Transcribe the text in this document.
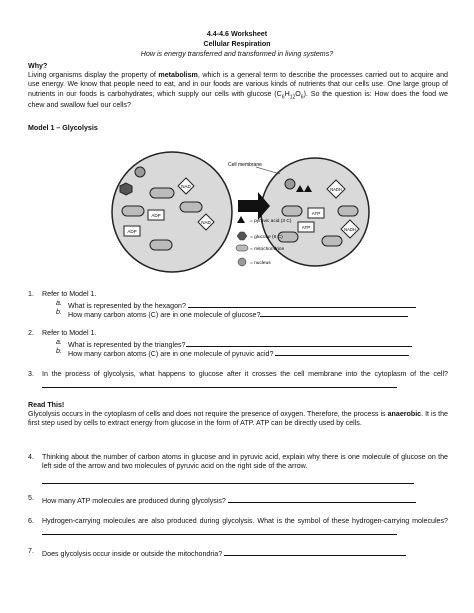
4.4-4.6 Worksheet
Cellular Respiration
How is energy transferred and transformed in living systems?
Why?
Living organisms display the property of metabolism, which is a general term to describe the processes carried out to acquire and use energy. We know that people need to eat, and in our foods are various kinds of nutrients that our cells use. One large group of nutrients in our foods is carbohydrates, which supply our cells with glucose $(C_6H_{12}O_6)$. So the question is: How does the food we chew and swallow fuel our cells?
Model 1 – Glycolysis
NAD
NAD
ADP
ADP
ATP
ATP
NADH
NADH
Cell membrane
= pyruvic acid (3 C)
= glucose (6 C)
= mitochondrion
= nucleus
1. Refer to Model 1.
a. What is represented by the hexagon?
b. How many carbon atoms (C) are in one molecule of glucose?
2. Refer to Model 1.
a. What is represented by the triangles?
b. How many carbon atoms (C) are in one molecule of pyruvic acid?
3. In the process of glycolysis, what happens to glucose after it crosses the cell membrane into the cytoplasm of the cell?
Read This!
Glycolysis occurs in the cytoplasm of cells and does not require the presence of oxygen. Therefore, the process is anaerobic. It is the first step used by cells to extract energy from glucose in the form of ATP. ATP can be directly used by cells.
4. Thinking about the number of carbon atoms in glucose and in pyruvic acid, explain why there is one molecule of glucose on the left side of the arrow and two molecules of pyruvic acid on the right side of the arrow.
5. How many ATP molecules are produced during glycolysis?
6. Hydrogen-carrying molecules are also produced during glycolysis. What is the symbol of these hydrogen-carrying molecules?
7. Does glycolysis occur inside or outside the mitochondria?
